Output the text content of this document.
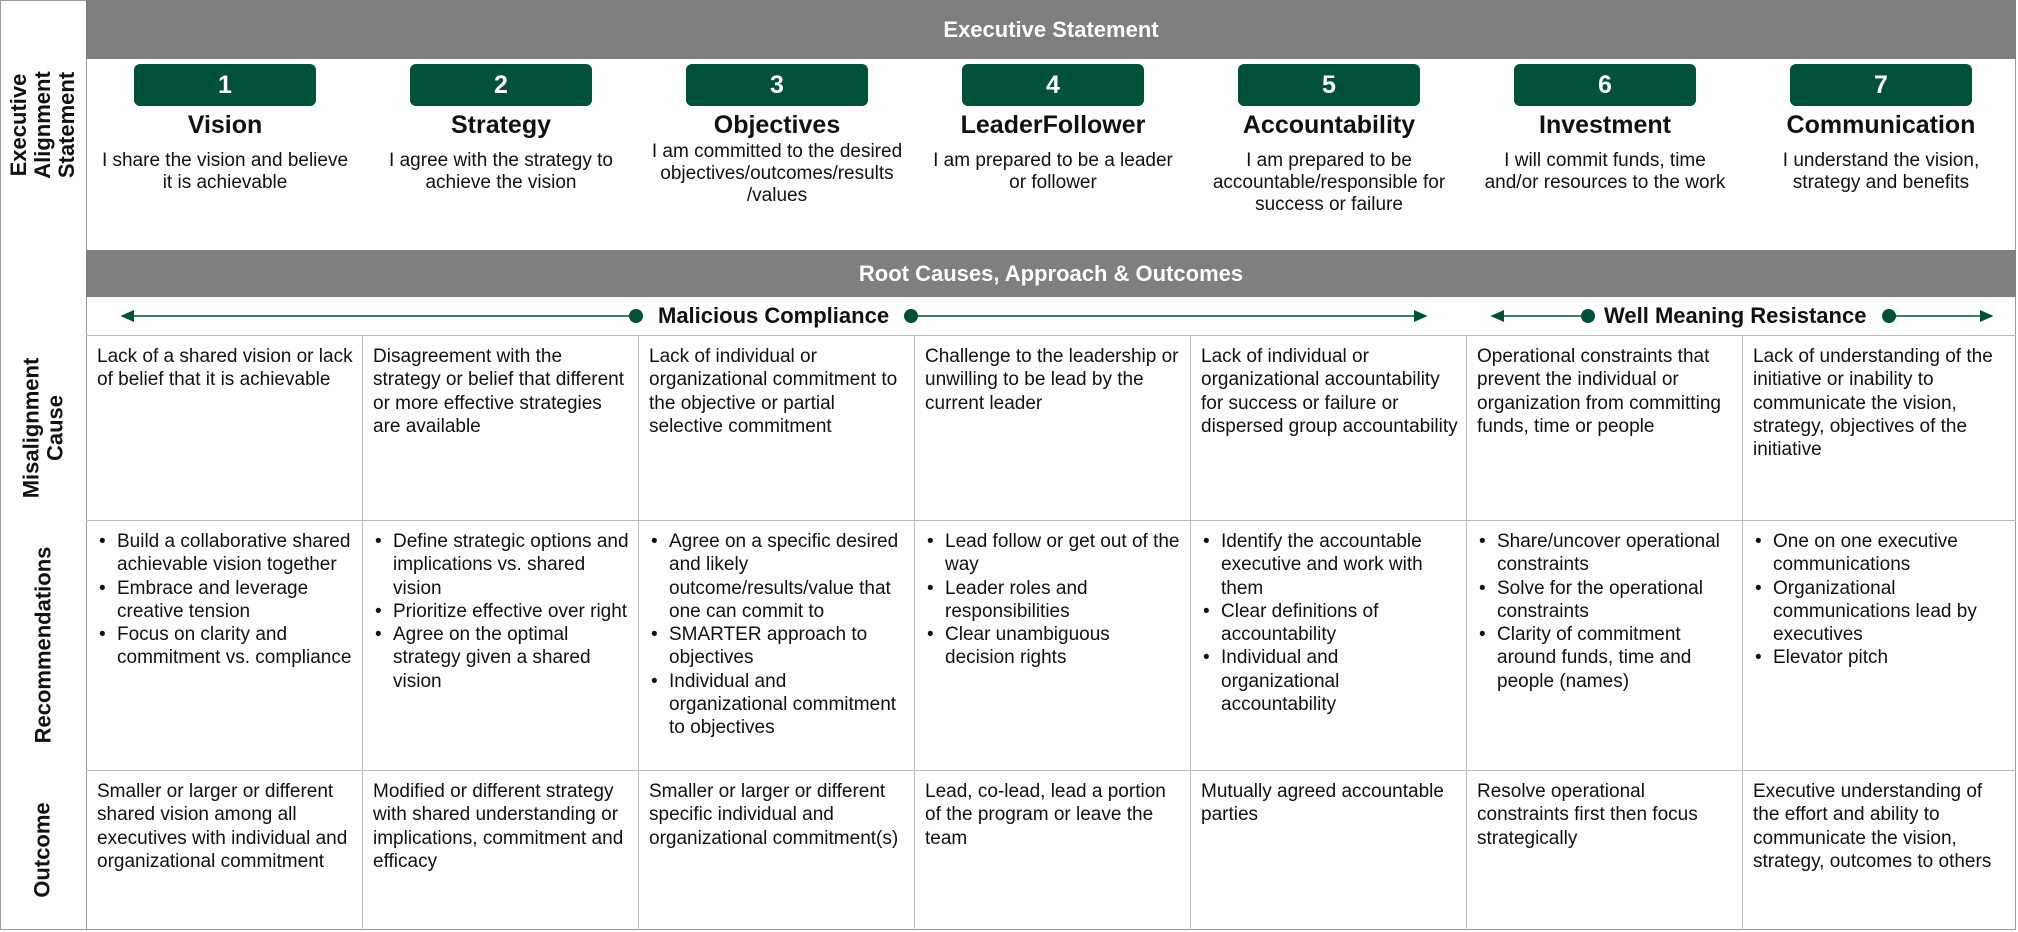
Executive Alignment Statement
Misalignment Cause
Recommendations
Outcome
Executive Statement
Root Causes, Approach & Outcomes
1
Vision
I share the vision and believe it is achievable
2
Strategy
I agree with the strategy to achieve the vision
3
Objectives
I am committed to the desired objectives/outcomes/results /values
4
LeaderFollower
I am prepared to be a leader or follower
5
Accountability
I am prepared to be accountable/responsible for success or failure
6
Investment
I will commit funds, time and/or resources to the work
7
Communication
I understand the vision, strategy and benefits
Malicious Compliance	Well Meaning Resistance
Lack of a shared vision or lack of belief that it is achievable
• Build a collaborative shared achievable vision together
• Embrace and leverage creative tension
• Focus on clarity and commitment vs. compliance
Smaller or larger or different shared vision among all executives with individual and organizational commitment
Disagreement with the strategy or belief that different or more effective strategies are available
• Define strategic options and implications vs. shared vision
• Prioritize effective over right
• Agree on the optimal strategy given a shared vision
Modified or different strategy with shared understanding or implications, commitment and efficacy
Lack of individual or organizational commitment to the objective or partial selective commitment
• Agree on a specific desired and likely outcome/results/value that one can commit to
• SMARTER approach to objectives
• Individual and organizational commitment to objectives
Smaller or larger or different specific individual and organizational commitment(s)
Challenge to the leadership or unwilling to be lead by the current leader
• Lead follow or get out of the way
• Leader roles and responsibilities
• Clear unambiguous decision rights
Lead, co-lead, lead a portion of the program or leave the team
Lack of individual or organizational accountability for success or failure or dispersed group accountability
• Identify the accountable executive and work with them
• Clear definitions of accountability
• Individual and organizational accountability
Mutually agreed accountable parties
Operational constraints that prevent the individual or organization from committing funds, time or people
• Share/uncover operational constraints
• Solve for the operational constraints
• Clarity of commitment around funds, time and people (names)
Resolve operational constraints first then focus strategically
Lack of understanding of the initiative or inability to communicate the vision, strategy, objectives of the initiative
• One on one executive communications
• Organizational communications lead by executives
• Elevator pitch
Executive understanding of the effort and ability to communicate the vision, strategy, outcomes to others
